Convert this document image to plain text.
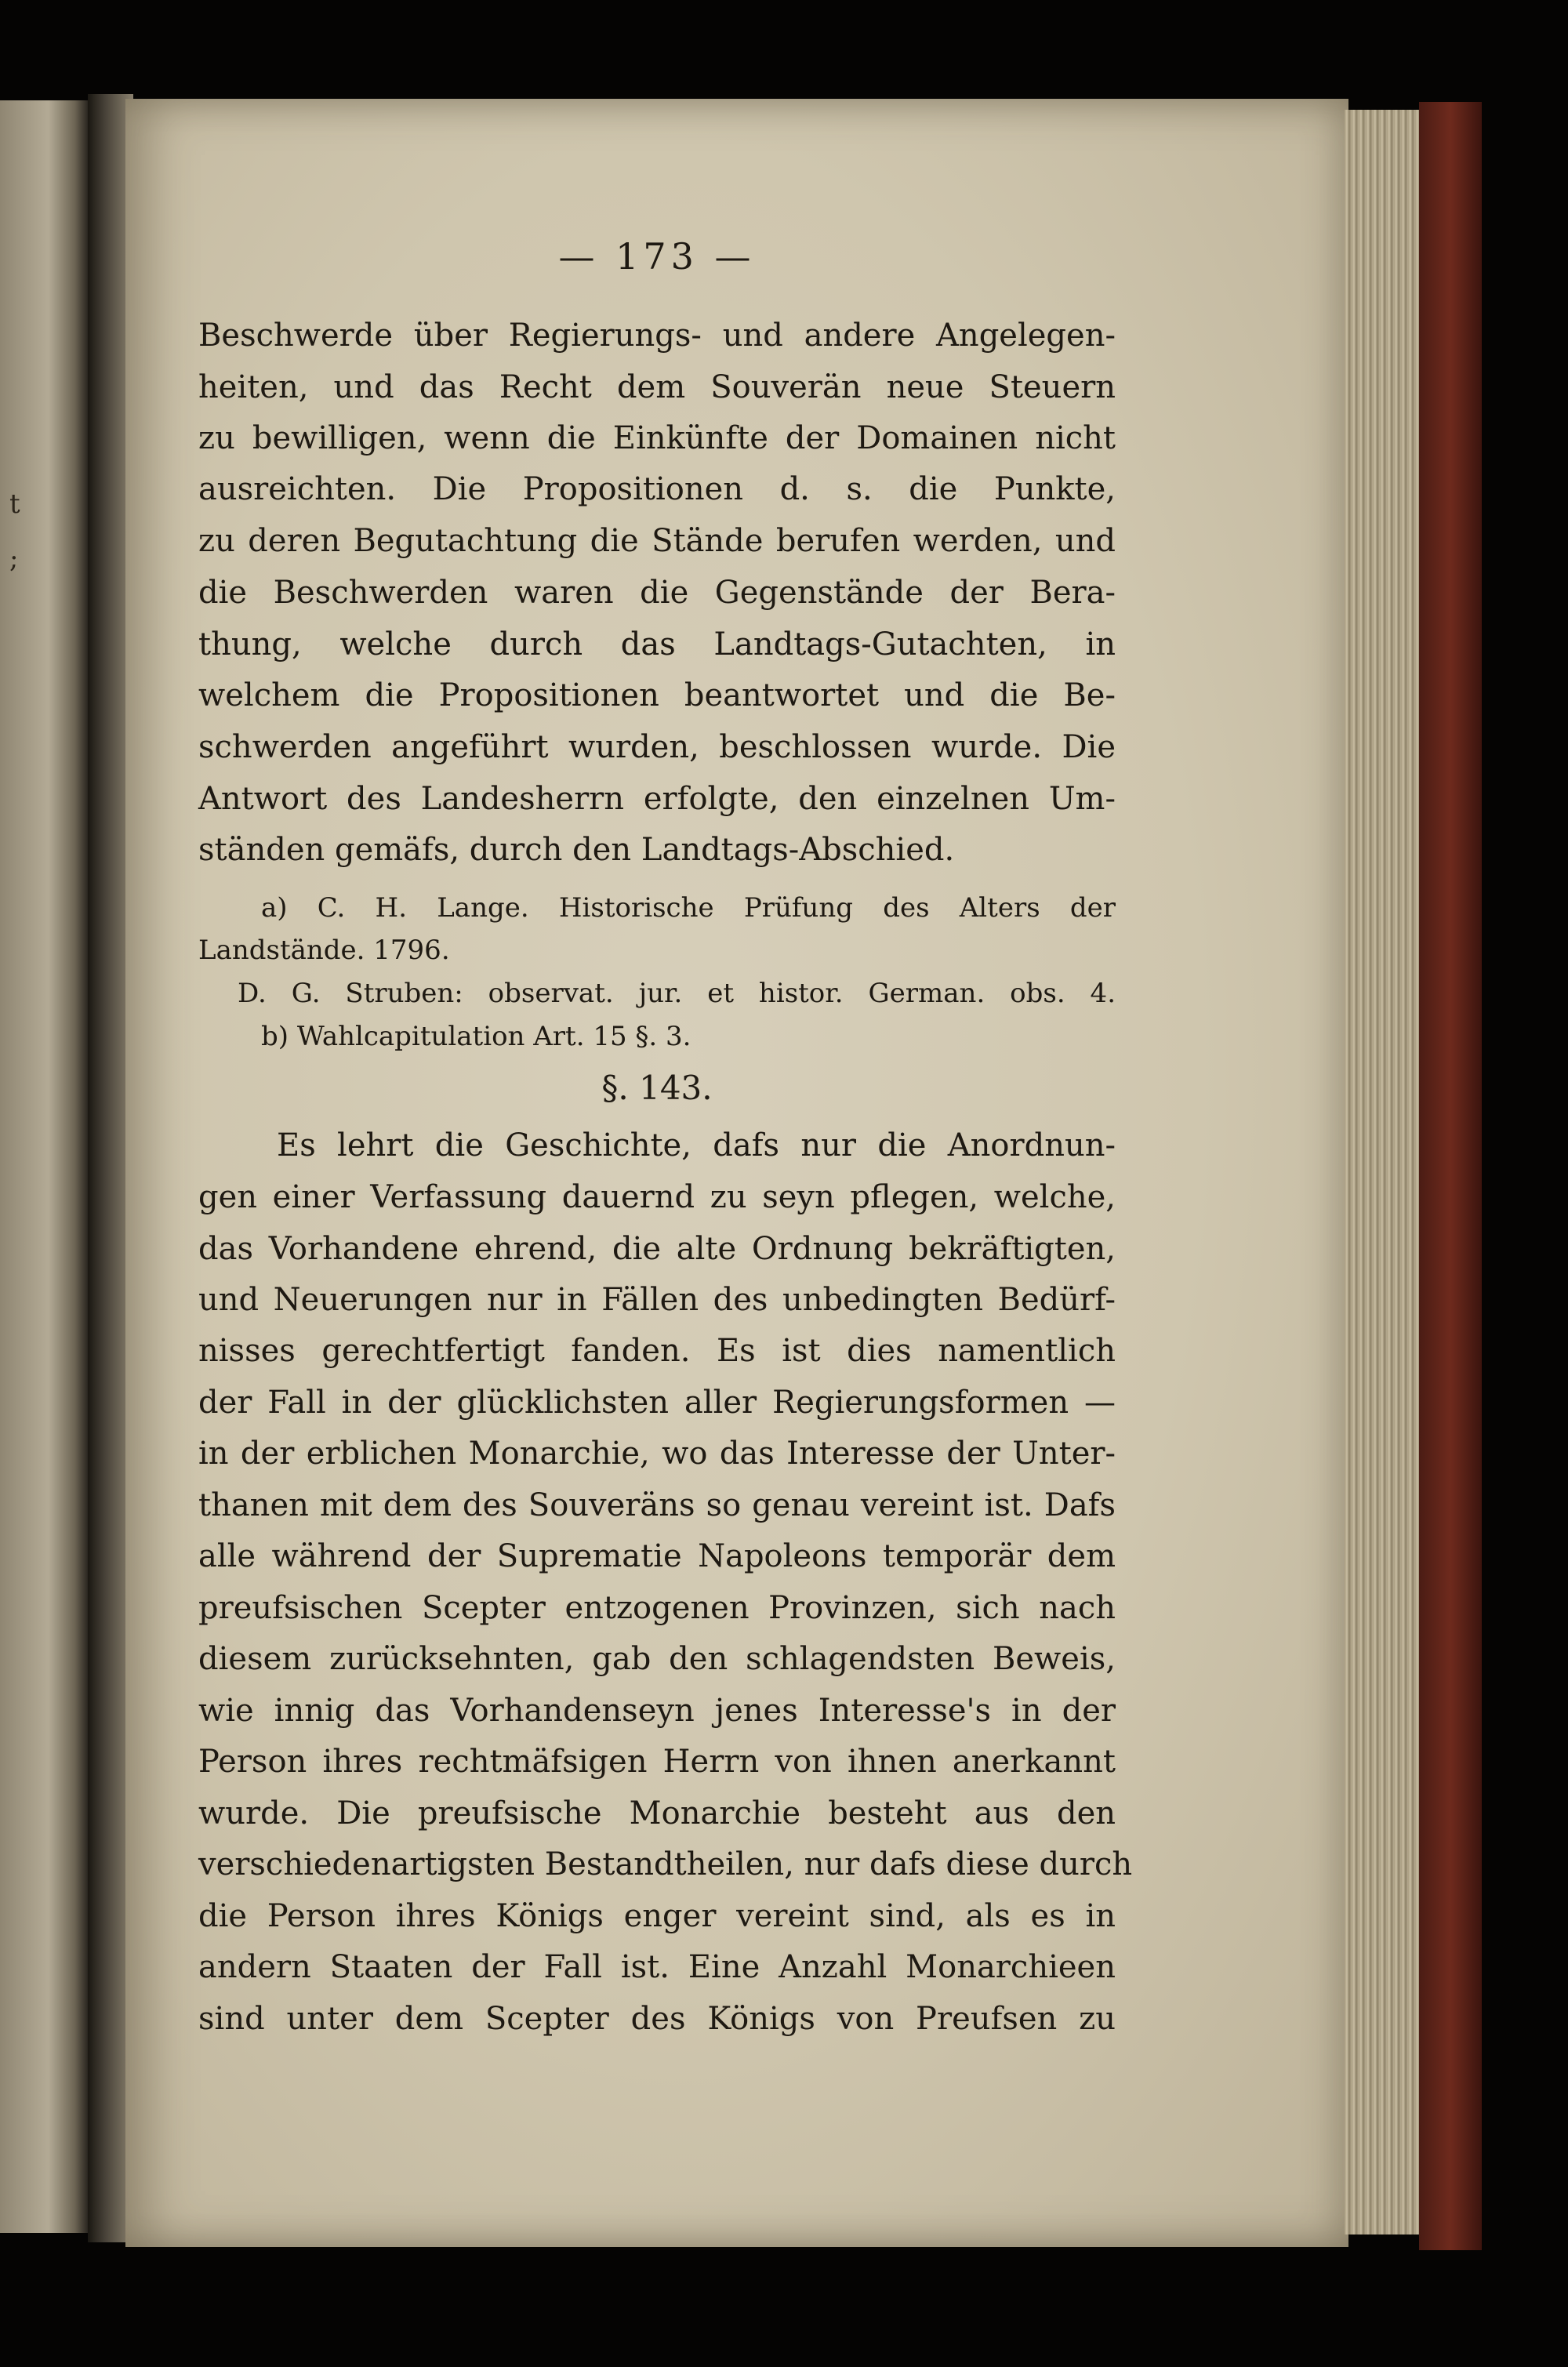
t
;
— 173 —
Beschwerde über Regierungs- und andere Angelegen-
heiten, und das Recht dem Souverän neue Steuern
zu bewilligen, wenn die Einkünfte der Domainen nicht
ausreichten. Die Propositionen d. s. die Punkte,
zu deren Begutachtung die Stände berufen werden, und
die Beschwerden waren die Gegenstände der Bera-
thung, welche durch das Landtags-Gutachten, in
welchem die Propositionen beantwortet und die Be-
schwerden angeführt wurden, beschlossen wurde. Die
Antwort des Landesherrn erfolgte, den einzelnen Um-
ständen gemäfs, durch den Landtags-Abschied.
a) C. H. Lange. Historische Prüfung des Alters der
Landstände. 1796.
D. G. Struben: observat. jur. et histor. German. obs. 4.
b) Wahlcapitulation Art. 15 §. 3.
§. 143.
Es lehrt die Geschichte, dafs nur die Anordnun-
gen einer Verfassung dauernd zu seyn pflegen, welche,
das Vorhandene ehrend, die alte Ordnung bekräftigten,
und Neuerungen nur in Fällen des unbedingten Bedürf-
nisses gerechtfertigt fanden. Es ist dies namentlich
der Fall in der glücklichsten aller Regierungsformen —
in der erblichen Monarchie, wo das Interesse der Unter-
thanen mit dem des Souveräns so genau vereint ist. Dafs
alle während der Suprematie Napoleons temporär dem
preufsischen Scepter entzogenen Provinzen, sich nach
diesem zurücksehnten, gab den schlagendsten Beweis,
wie innig das Vorhandenseyn jenes Interesse's in der
Person ihres rechtmäfsigen Herrn von ihnen anerkannt
wurde. Die preufsische Monarchie besteht aus den
verschiedenartigsten Bestandtheilen, nur dafs diese durch
die Person ihres Königs enger vereint sind, als es in
andern Staaten der Fall ist. Eine Anzahl Monarchieen
sind unter dem Scepter des Königs von Preufsen zu
